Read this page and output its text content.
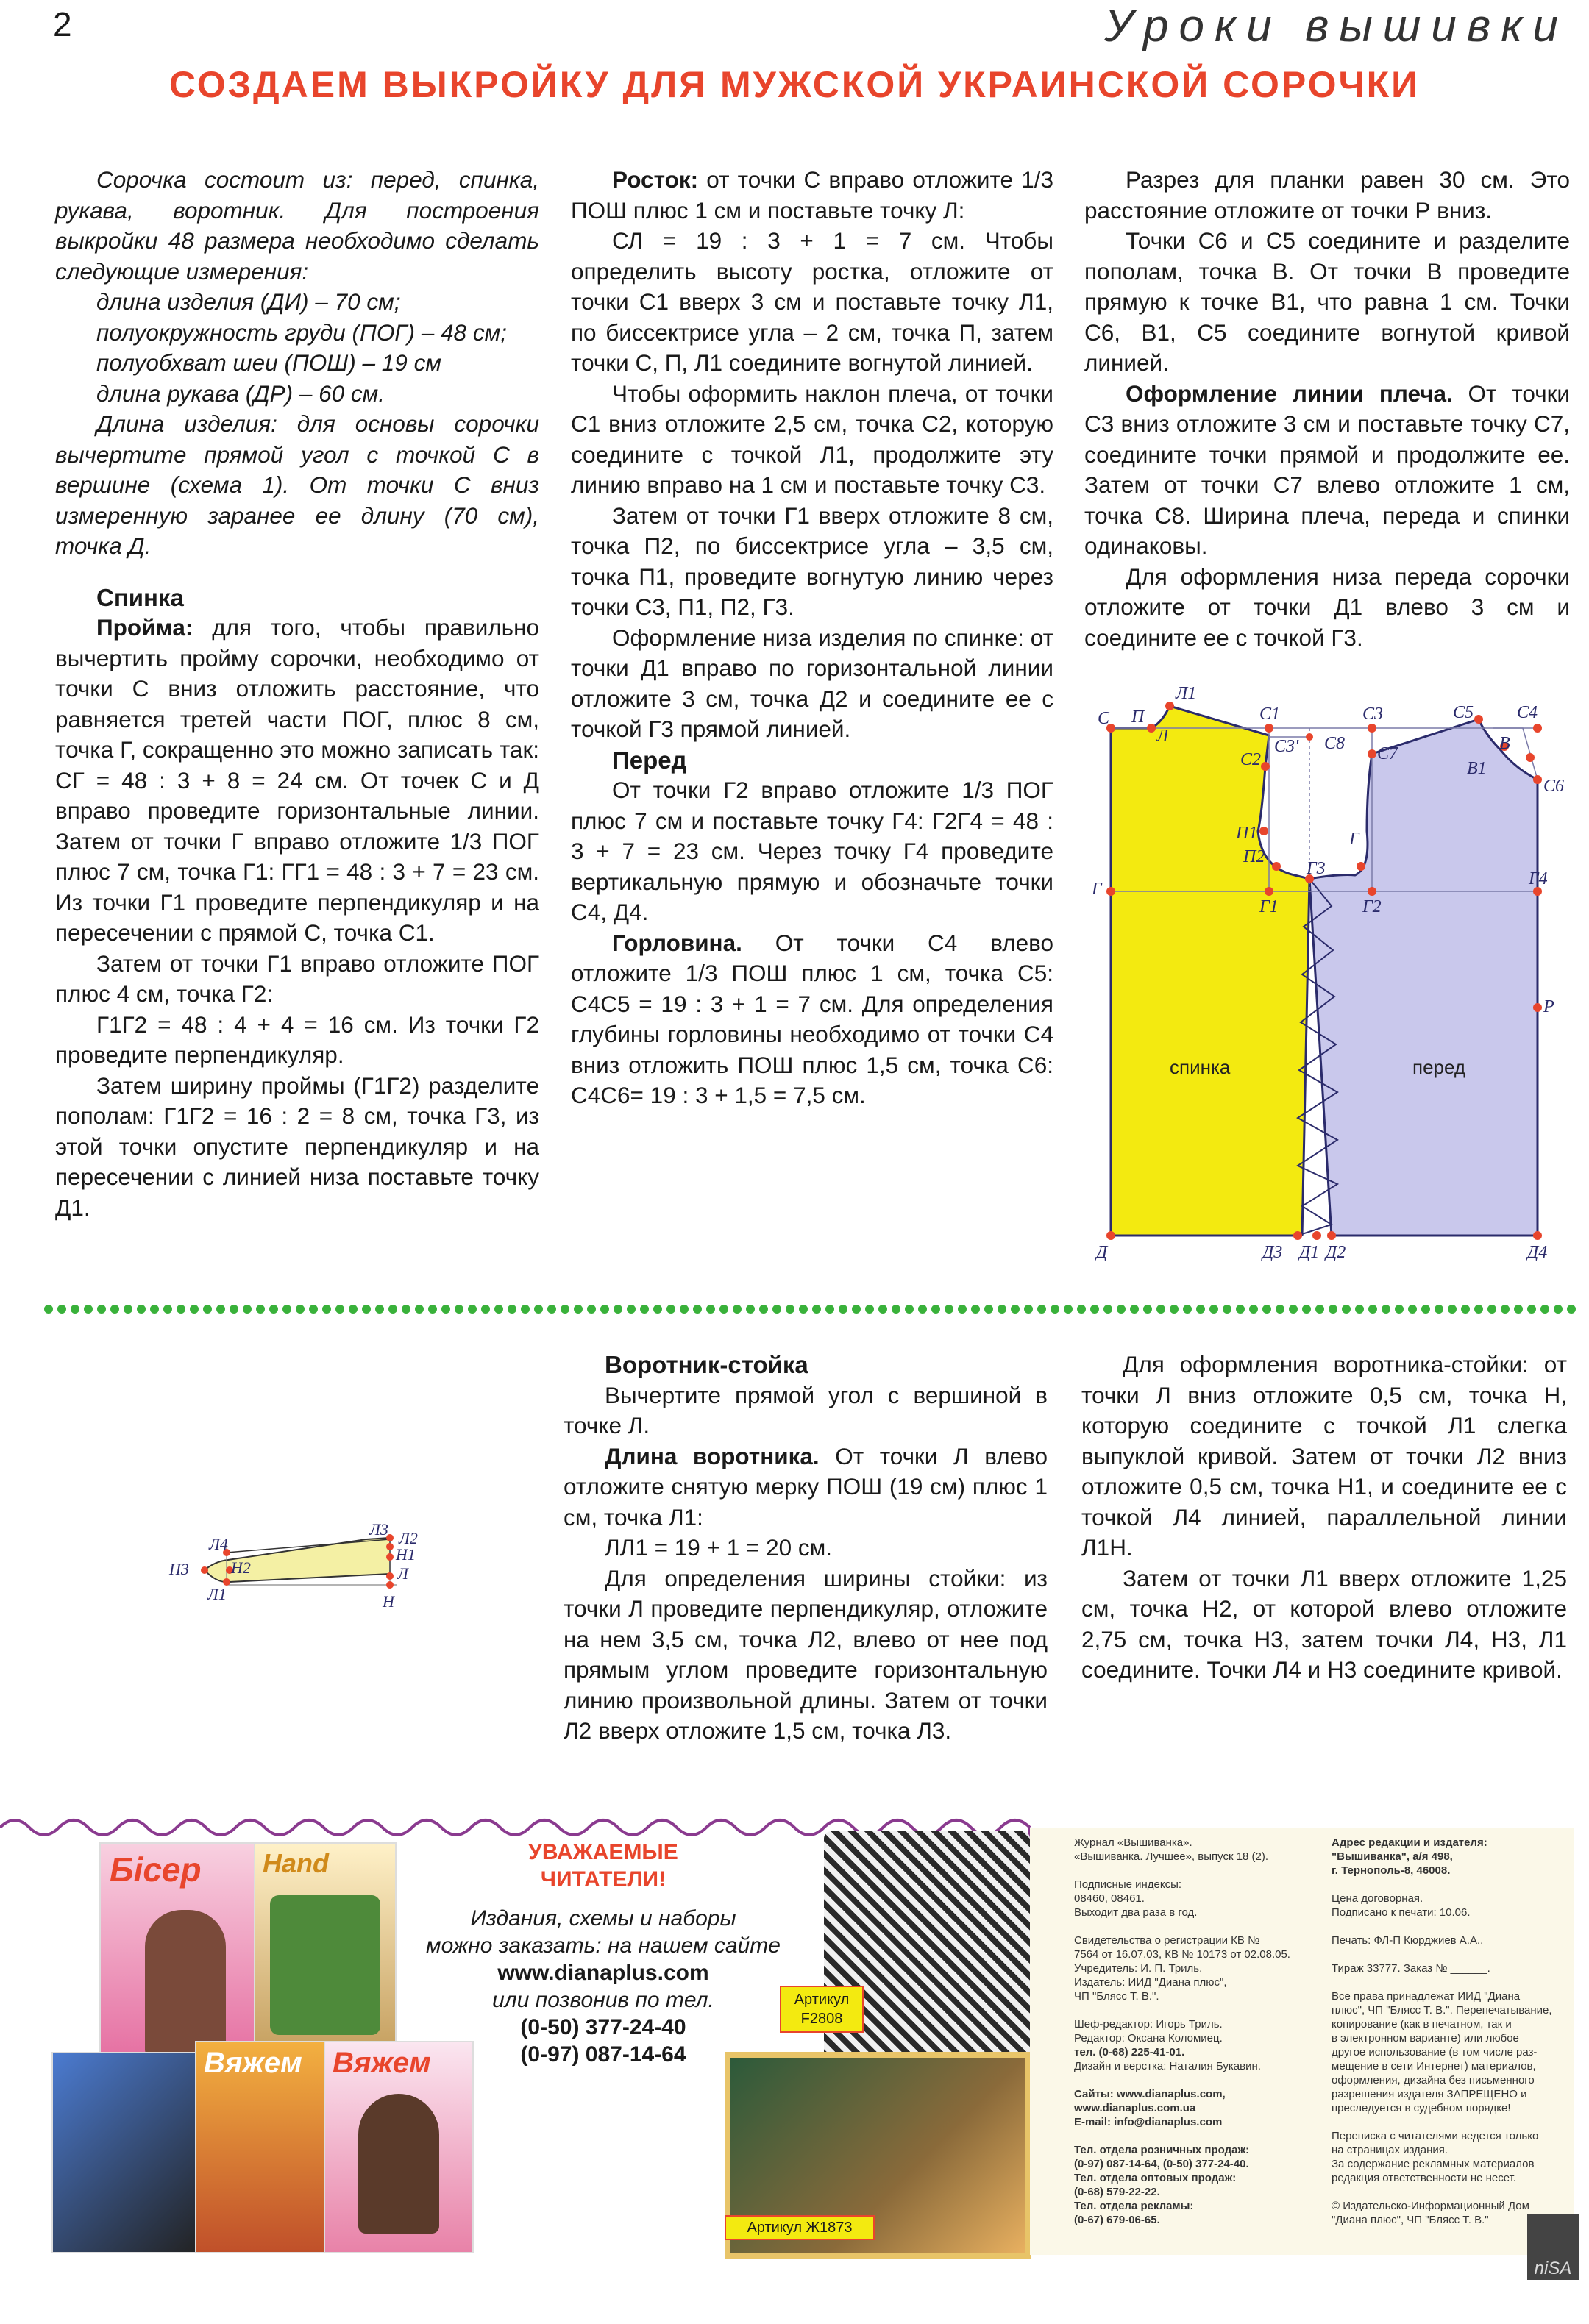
2	Уроки вышивки
СОЗДАЕМ ВЫКРОЙКУ ДЛЯ МУЖСКОЙ УКРАИНСКОЙ СОРОЧКИ

Сорочка состоит из: перед, спинка, рукава, воротник. Для построения выкройки 48 размера необходимо сделать следующие измерения:

длина изделия (ДИ) – 70 см;

полуокружность груди (ПОГ) – 48 см;

полуобхват шеи (ПОШ) – 19 см

длина рукава (ДР) – 60 см.

Длина изделия: для основы сорочки вычертите прямой угол с точкой С в вершине (схема 1). От точки С вниз измеренную заранее ее длину (70 см), точка Д.

Спинка

Пройма: для того, чтобы правильно вычертить пройму сорочки, необходимо от точки С вниз отложить расстояние, что равняется третей части ПОГ, плюс 8 см, точка Г, сокращенно это можно записать так: СГ = 48 : 3 + 8 = 24 см. От точек С и Д вправо проведите горизонтальные линии. Затем от точки Г вправо отложите 1/3 ПОГ плюс 7 см, точка Г1: ГГ1 = 48 : 3 + 7 = 23 см. Из точки Г1 проведите перпендикуляр и на пересечении с прямой С, точка С1.

Затем от точки Г1 вправо отложите ПОГ плюс 4 см, точка Г2:

Г1Г2 = 48 : 4 + 4 = 16 см. Из точки Г2 проведите перпендикуляр.

Затем ширину проймы (Г1Г2) разделите пополам: Г1Г2 = 16 : 2 = 8 см, точка Г3, из этой точки опустите перпендикуляр и на пересечении с линией низа поставьте точку Д1.

Росток: от точки С вправо отложите 1/3 ПОШ плюс 1 см и поставьте точку Л:

СЛ = 19 : 3 + 1 = 7 см. Чтобы определить высоту ростка, отложите от точки С1 вверх 3 см и поставьте точку Л1, по биссектрисе угла – 2 см, точка П, затем точки С, П, Л1 соедините вогнутой линией.

Чтобы оформить наклон плеча, от точки С1 вниз отложите 2,5 см, точка С2, которую соедините с точкой Л1, продолжите эту линию вправо на 1 см и поставьте точку С3.

Затем от точки Г1 вверх отложите 8 см, точка П2, по биссектрисе угла – 3,5 см, точка П1, проведите вогнутую линию через точки С3, П1, П2, Г3.

Оформление низа изделия по спинке: от точки Д1 вправо по горизонтальной линии отложите 3 см, точка Д2 и соедините ее с точкой Г3 прямой линией.

Перед

От точки Г2 вправо отложите 1/3 ПОГ плюс 7 см и поставьте точку Г4: Г2Г4 = 48 : 3 + 7 = 23 см. Через точку Г4 проведите вертикальную прямую и обозначьте точки С4, Д4.

Горловина. От точки С4 влево отложите 1/3 ПОШ плюс 1 см, точка С5: С4С5 = 19 : 3 + 1 = 7 см. Для определения глубины горловины необходимо от точки С4 вниз отложить ПОШ плюс 1,5 см, точка С6: С4С6= 19 : 3 + 1,5 = 7,5 см.

Разрез для планки равен 30 см. Это расстояние отложите от точки Р вниз.

Точки С6 и С5 соедините и разделите пополам, точка В. От точки В проведите прямую к точке В1, что равна 1 см. Точки С6, В1, С5 соедините вогнутой кривой линией.

Оформление линии плеча. От точки С3 вниз отложите 3 см и поставьте точку С7, соедините точки прямой и продолжите ее. Затем от точки С7 влево отложите 1 см, точка С8. Ширина плеча, переда и спинки одинаковы.

Для оформления низа переда сорочки отложите от точки Д1 влево 3 см и соедините ее с точкой Г3.

С П
Л1
Л
С1
С2
С3' С8
С3
С7
С5 С4
В
В1
С6
П1
П2
Г3
Г
Г
Г1	Г2
Г4
Р
Д	Д3 Д1 Д2	Д4
спинка	перед
Л4
Л3 Л2
Н1
Н3	Н2	Л
Л1	Н
Воротник-стойка

Вычертите прямой угол с вершиной в точке Л.

Длина воротника. От точки Л влево отложите снятую мерку ПОШ (19 см) плюс 1 см, точка Л1:

ЛЛ1 = 19 + 1 = 20 см.

Для определения ширины стойки: из точки Л проведите перпендикуляр, отложите на нем 3,5 см, точка Л2, влево от нее под прямым углом проведите горизонтальную линию произвольной длины. Затем от точки Л2 вверх отложите 1,5 см, точка Л3.

Для оформления воротника-стойки: от точки Л вниз отложите 0,5 см, точка Н, которую соедините с точкой Л1 слегка выпуклой кривой. Затем от точки Л2 вниз отложите 0,5 см, точка Н1, и соедините ее с точкой Л4 линией, параллельной линии Л1Н.

Затем от точки Л1 вверх отложите 1,25 см, точка Н2, от которой влево отложите 2,75 см, точка Н3, затем точки Л4, Н3, Л1 соедините. Точки Л4 и Н3 соедините кривой.

Бісер	Hand
Вяжем	Вяжем
УВАЖАЕМЫЕ
ЧИТАТЕЛИ!
Издания, схемы и наборы
можно заказать: на нашем сайте
www.dianaplus.com
или позвонив по тел.
(0-50) 377-24-40
(0-97) 087-14-64
Артикул F2808
Артикул Ж1873
Журнал «Вышиванка».
«Вышиванка. Лучшее», выпуск 18 (2).
Подписные индексы:
08460, 08461.
Выходит два раза в год.
Свидетельства о регистрации КВ №
7564 от 16.07.03, КВ № 10173 от 02.08.05.
Учредитель: И. П. Триль.
Издатель: ИИД "Диана плюс",
ЧП "Блясс Т. В.".
Шеф-редактор: Игорь Триль.
Редактор: Оксана Коломиец.
тел. (0-68) 225-41-01.
Дизайн и верстка: Наталия Букавин.
Сайты: www.dianaplus.com,
www.dianaplus.com.ua
E-mail: info@dianaplus.com
Тел. отдела розничных продаж:
(0-97) 087-14-64, (0-50) 377-24-40.
Тел. отдела оптовых продаж:
(0-68) 579-22-22.
Тел. отдела рекламы:
(0-67) 679-06-65.
Адрес редакции и издателя:
"Вышиванка", а/я 498,
г. Тернополь-8, 46008.
Цена договорная.
Подписано к печати: 10.06.
Печать: ФЛ-П Кюрджиев А.А.,
Тираж 33777. Заказ № ______.
Все права принадлежат ИИД "Диана
плюс", ЧП "Блясс Т. В.". Перепечатывание,
копирование (как в печатном, так и
в электронном варианте) или любое
другое использование (в том числе раз-
мещение в сети Интернет) материалов,
оформления, дизайна без письменного
разрешения издателя ЗАПРЕЩЕНО и
преследуется в судебном порядке!
Переписка с читателями ведется только
на страницах издания.
За содержание рекламных материалов
редакция ответственности не несет.
© Издательско-Информационный Дом
"Диана плюс", ЧП "Блясс Т. В."
niSA
